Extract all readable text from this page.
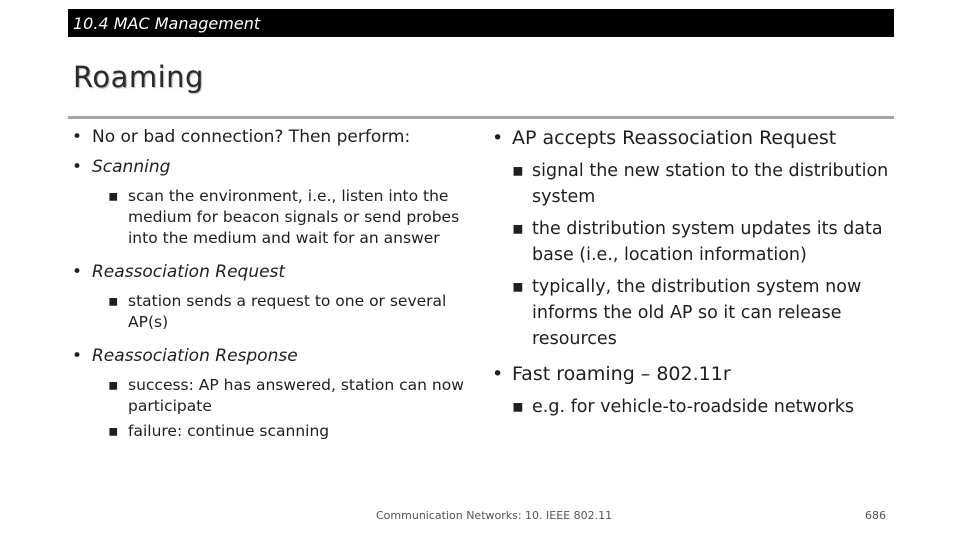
10.4 MAC Management
Roaming
• No or bad connection? Then perform:
• Scanning
▪ scan the environment, i.e., listen into the medium for beacon signals or send probes into the medium and wait for an answer
• Reassociation Request
▪ station sends a request to one or several AP(s)
• Reassociation Response
▪ success: AP has answered, station can now participate
▪ failure: continue scanning
• AP accepts Reassociation Request
▪ signal the new station to the distribution system
▪ the distribution system updates its data base (i.e., location information)
▪ typically, the distribution system now informs the old AP so it can release resources
• Fast roaming – 802.11r
▪ e.g. for vehicle-to-roadside networks
Communication Networks: 10. IEEE 802.11	686
